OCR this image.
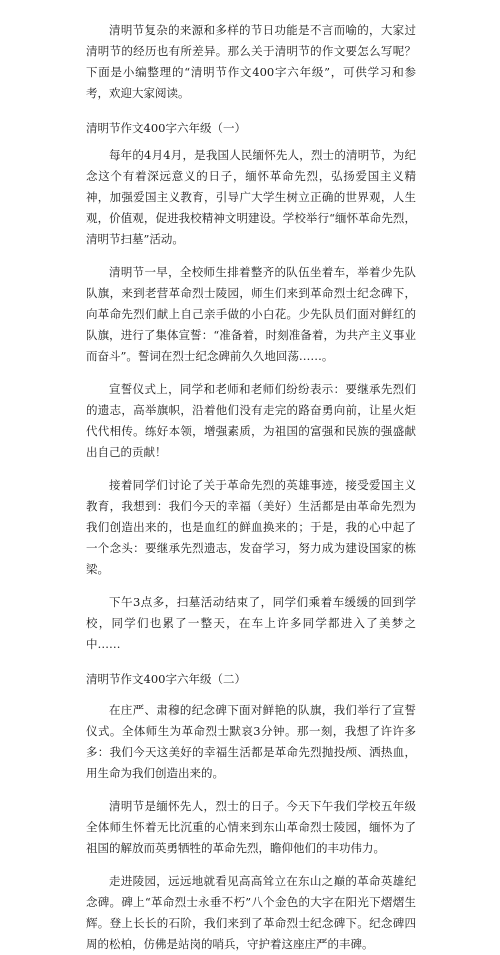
清明节复杂的来源和多样的节日功能是不言而喻的，大家过清明节的经历也有所差异。那么关于清明节的作文要怎么写呢？下面是小编整理的“清明节作文400字六年级”，可供学习和参考，欢迎大家阅读。

清明节作文400字六年级（一）

每年的4月4月，是我国人民缅怀先人，烈士的清明节，为纪念这个有着深远意义的日子，缅怀革命先烈，弘扬爱国主义精神，加强爱国主义教育，引导广大学生树立正确的世界观，人生观，价值观，促进我校精神文明建设。学校举行“缅怀革命先烈，清明节扫墓”活动。

清明节一早，全校师生排着整齐的队伍坐着车，举着少先队队旗，来到老营革命烈士陵园，师生们来到革命烈士纪念碑下，向革命先烈们献上自己亲手做的小白花。少先队员们面对鲜红的队旗，进行了集体宣誓：“准备着，时刻准备着，为共产主义事业而奋斗”。誓词在烈士纪念碑前久久地回荡……。

宣誓仪式上，同学和老师和老师们纷纷表示：要继承先烈们的遗志，高举旗帜，沿着他们没有走完的路奋勇向前，让星火炬代代相传。练好本领，增强素质，为祖国的富强和民族的强盛献出自己的贡献！

接着同学们讨论了关于革命先烈的英雄事迹，接受爱国主义教育，我想到：我们今天的幸福（美好）生活都是由革命先烈为我们创造出来的，也是血红的鲜血换来的；于是，我的心中起了一个念头：要继承先烈遗志，发奋学习，努力成为建设国家的栋梁。

下午3点多，扫墓活动结束了，同学们乘着车缓缓的回到学校，同学们也累了一整天，在车上许多同学都进入了美梦之中……

清明节作文400字六年级（二）

在庄严、肃穆的纪念碑下面对鲜艳的队旗，我们举行了宣誓仪式。全体师生为革命烈士默哀3分钟。那一刻，我想了许许多多：我们今天这美好的幸福生活都是革命先烈抛投颅、洒热血，用生命为我们创造出来的。

清明节是缅怀先人，烈士的日子。今天下午我们学校五年级全体师生怀着无比沉重的心情来到东山革命烈士陵园，缅怀为了祖国的解放而英勇牺牲的革命先烈，瞻仰他们的丰功伟力。

走进陵园，远远地就看见高高耸立在东山之巅的革命英雄纪念碑。碑上“革命烈士永垂不朽”八个金色的大字在阳光下熠熠生辉。登上长长的石阶，我们来到了革命烈士纪念碑下。纪念碑四周的松柏，仿佛是站岗的哨兵，守护着这座庄严的丰碑。
